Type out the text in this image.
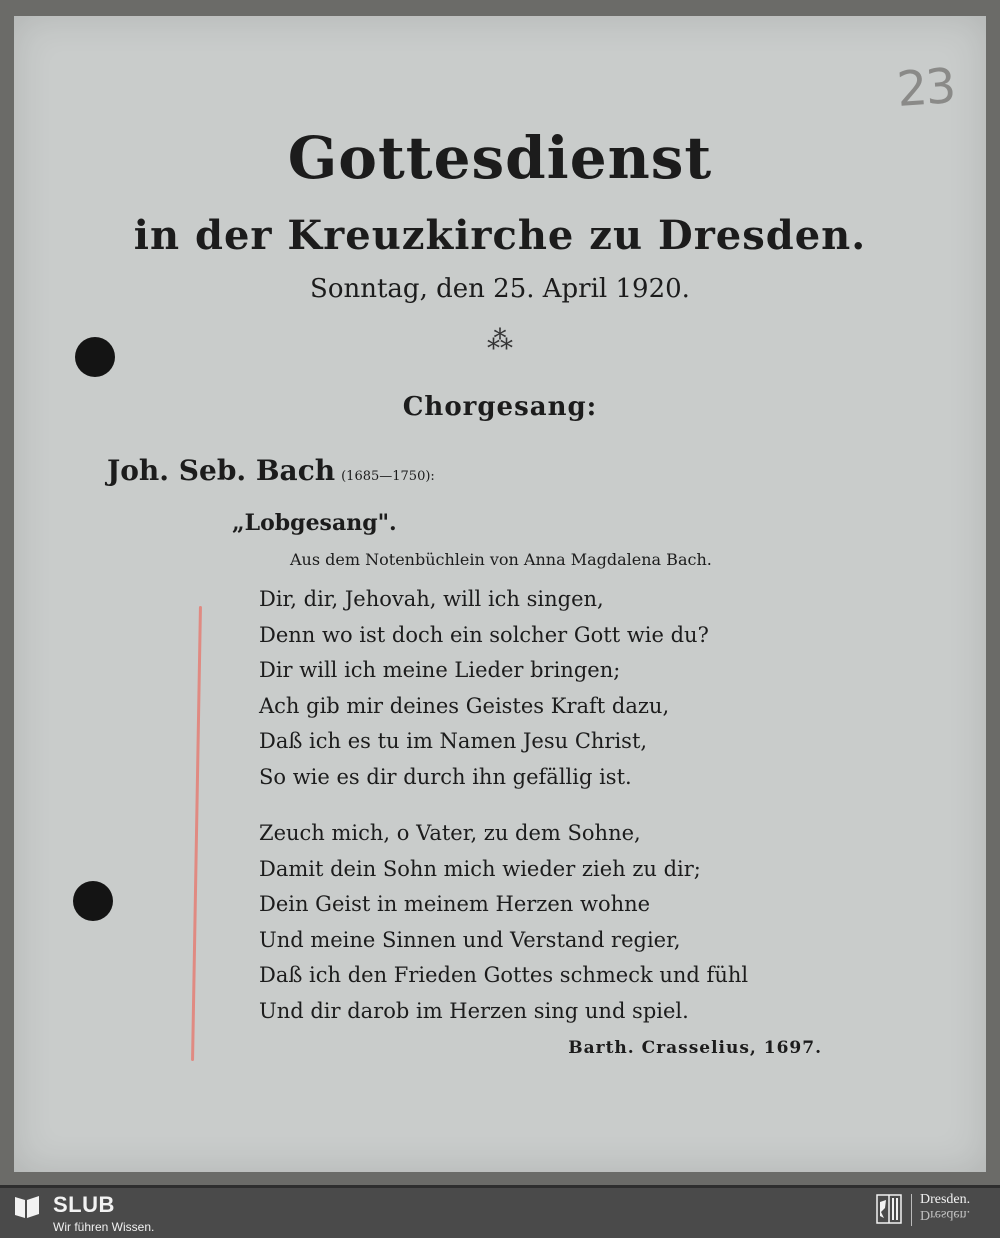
23
Gottesdienst
in der Kreuzkirche zu Dresden.
Sonntag, den 25. April 1920.
⁂
Chorgesang:
Joh. Seb. Bach (1685—1750):
„Lobgesang".
Aus dem Notenbüchlein von Anna Magdalena Bach.
Dir, dir, Jehovah, will ich singen,
Denn wo ist doch ein solcher Gott wie du?
Dir will ich meine Lieder bringen;
Ach gib mir deines Geistes Kraft dazu,
Daß ich es tu im Namen Jesu Christ,
So wie es dir durch ihn gefällig ist.
Zeuch mich, o Vater, zu dem Sohne,
Damit dein Sohn mich wieder zieh zu dir;
Dein Geist in meinem Herzen wohne
Und meine Sinnen und Verstand regier,
Daß ich den Frieden Gottes schmeck und fühl
Und dir darob im Herzen sing und spiel.
Barth. Crasselius, 1697.
SLUB
Wir führen Wissen.
Dresden.
Dresden.
